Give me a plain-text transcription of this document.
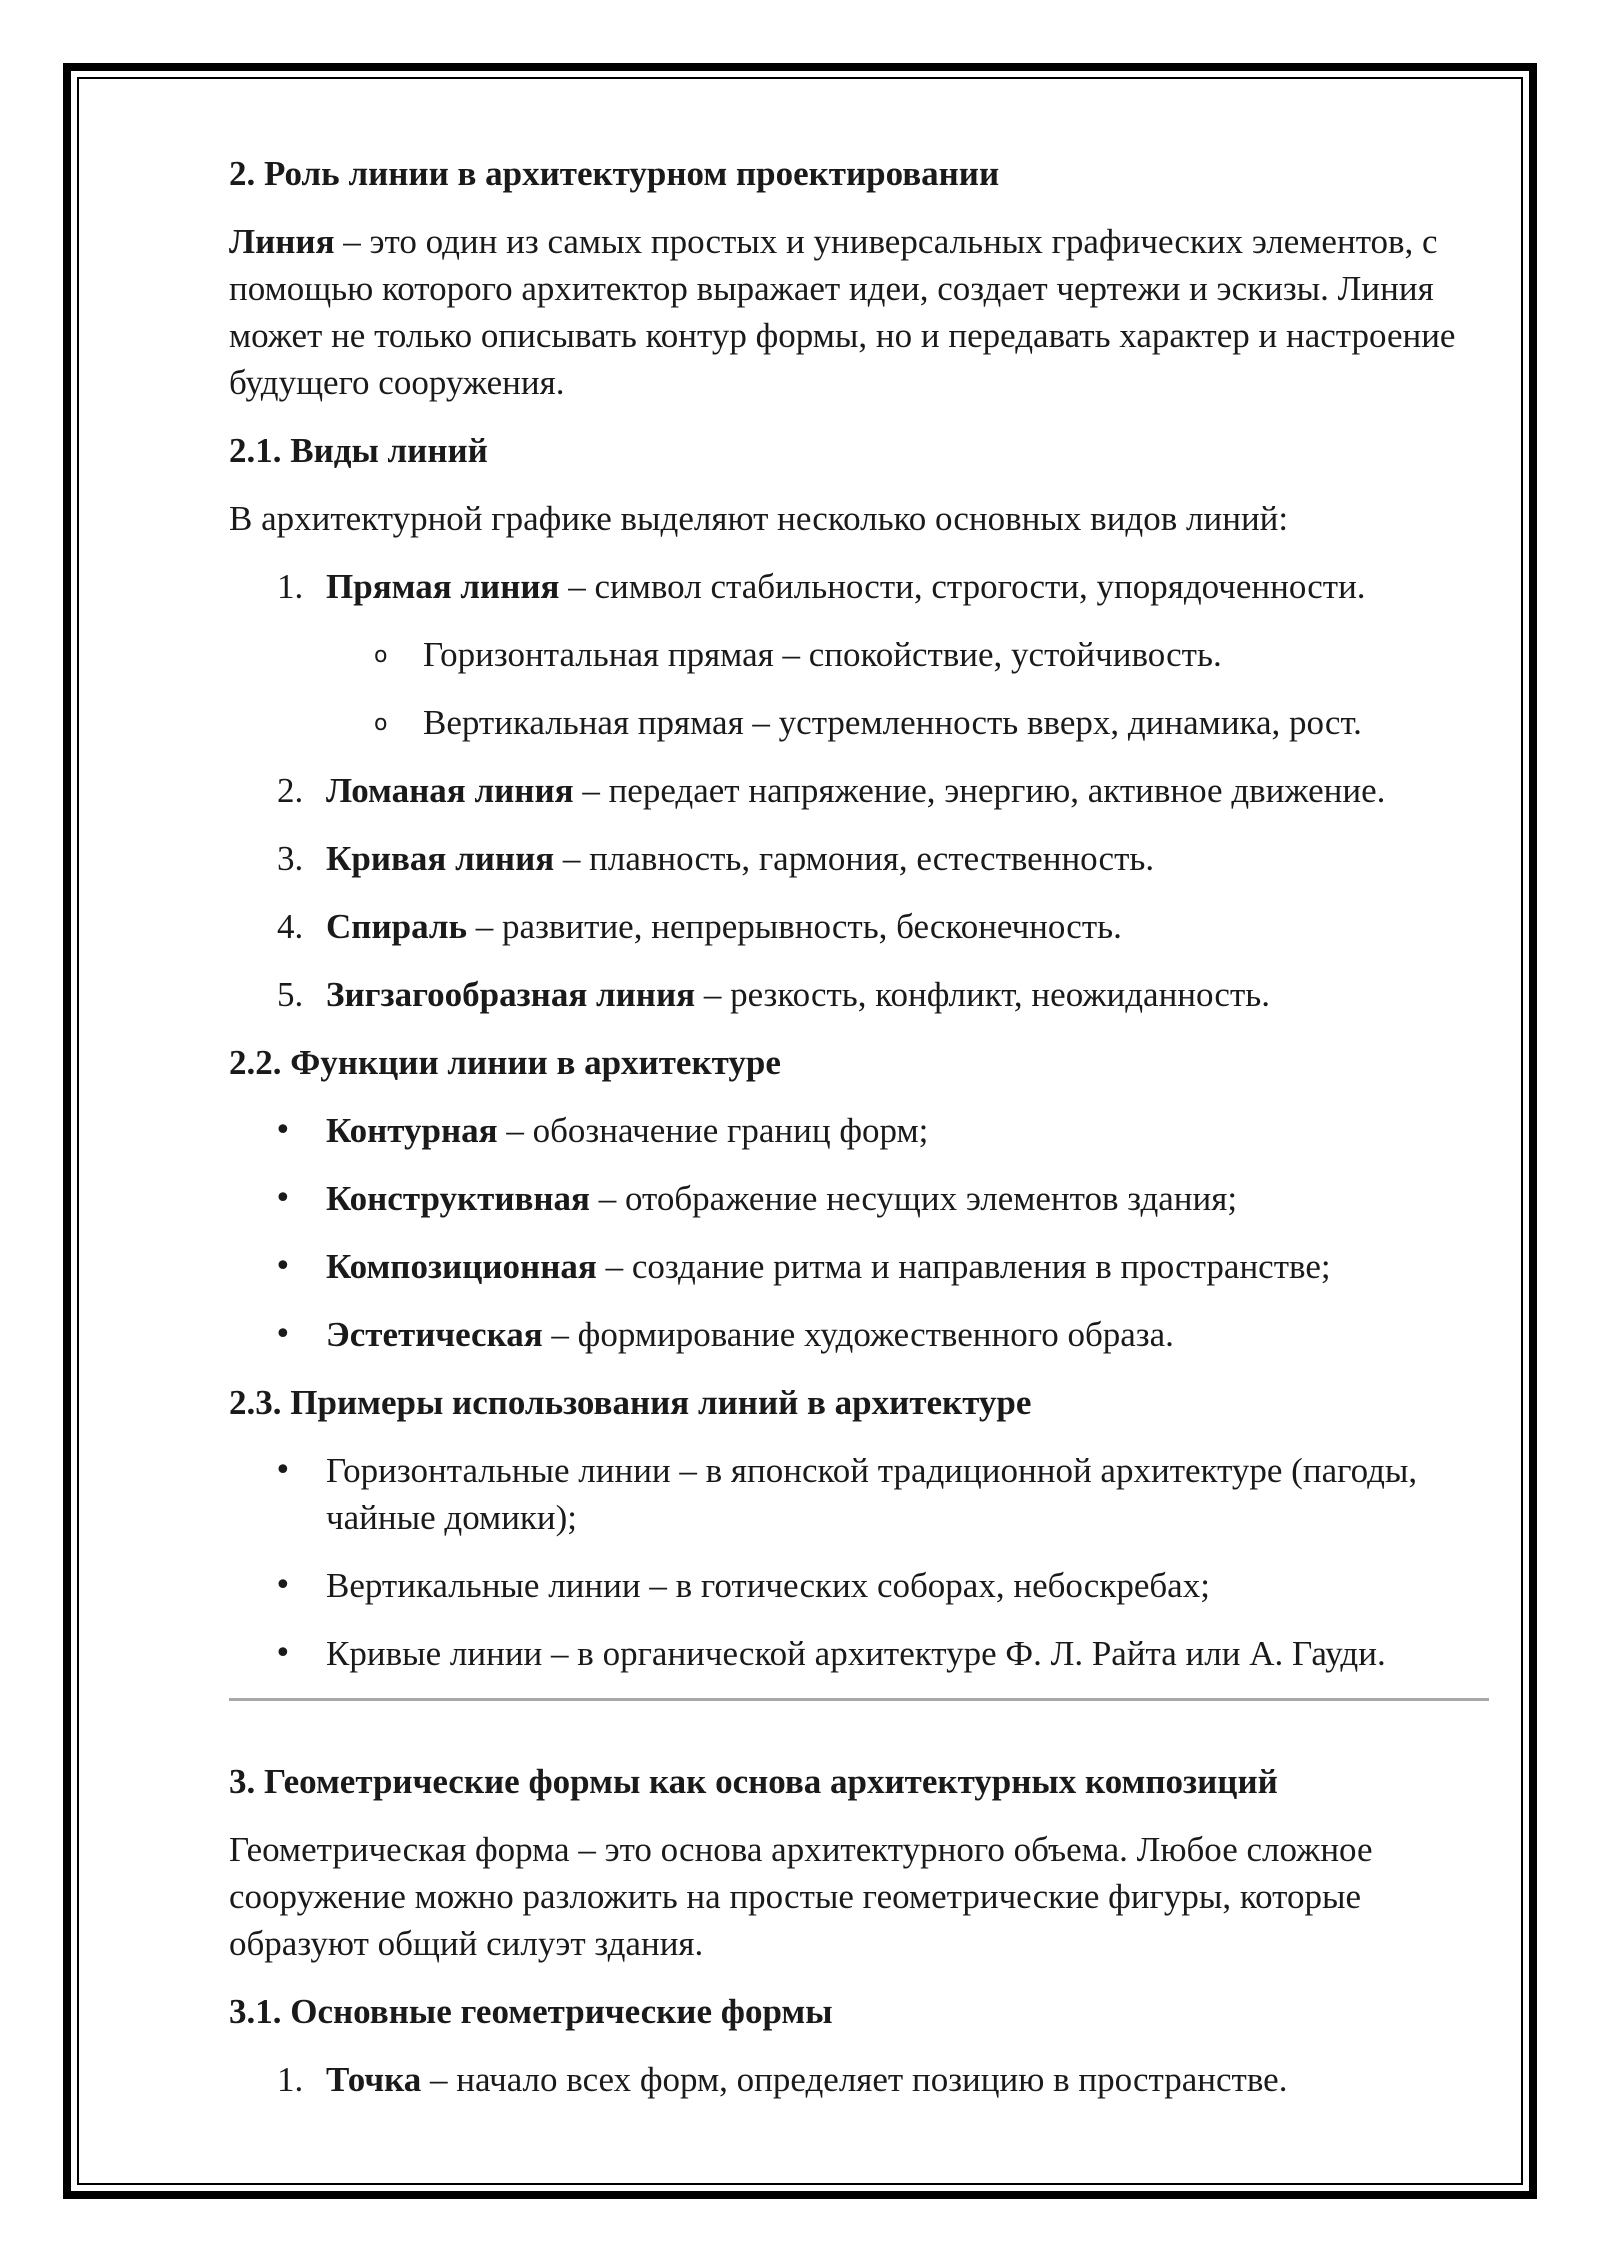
2. Роль линии в архитектурном проектировании
Линия – это один из самых простых и универсальных графических элементов, с помощью которого архитектор выражает идеи, создает чертежи и эскизы. Линия может не только описывать контур формы, но и передавать характер и настроение будущего сооружения.
2.1. Виды линий
В архитектурной графике выделяют несколько основных видов линий:
1. Прямая линия – символ стабильности, строгости, упорядоченности.
o Горизонтальная прямая – спокойствие, устойчивость.
o Вертикальная прямая – устремленность вверх, динамика, рост.
2. Ломаная линия – передает напряжение, энергию, активное движение.
3. Кривая линия – плавность, гармония, естественность.
4. Спираль – развитие, непрерывность, бесконечность.
5. Зигзагообразная линия – резкость, конфликт, неожиданность.
2.2. Функции линии в архитектуре
• Контурная – обозначение границ форм;
• Конструктивная – отображение несущих элементов здания;
• Композиционная – создание ритма и направления в пространстве;
• Эстетическая – формирование художественного образа.
2.3. Примеры использования линий в архитектуре
• Горизонтальные линии – в японской традиционной архитектуре (пагоды, чайные домики);
• Вертикальные линии – в готических соборах, небоскребах;
• Кривые линии – в органической архитектуре Ф. Л. Райта или А. Гауди.
3. Геометрические формы как основа архитектурных композиций
Геометрическая форма – это основа архитектурного объема. Любое сложное сооружение можно разложить на простые геометрические фигуры, которые образуют общий силуэт здания.
3.1. Основные геометрические формы
1. Точка – начало всех форм, определяет позицию в пространстве.
